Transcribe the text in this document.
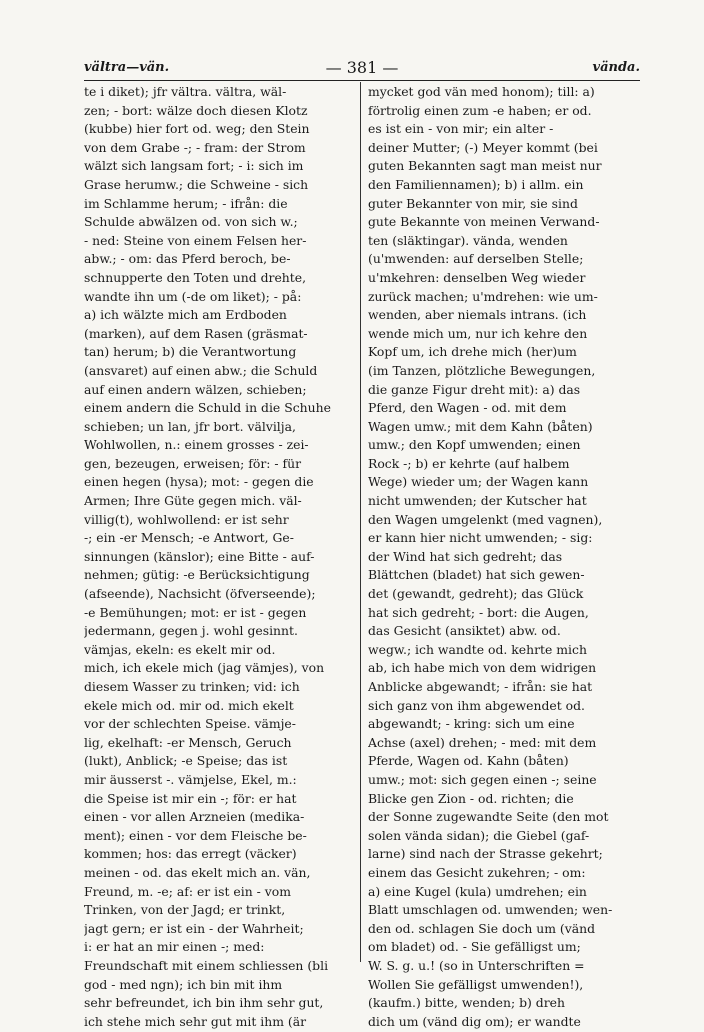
vältra—vän.	— 381 —	vända.
te i diket); jfr vältra. vältra, wäl-
zen; - bort: wälze doch diesen Klotz
(kubbe) hier fort od. weg; den Stein
von dem Grabe -; - fram: der Strom
wälzt sich langsam fort; - i: sich im
Grase herumw.; die Schweine - sich
im Schlamme herum; - ifrån: die
Schulde abwälzen od. von sich w.;
- ned: Steine von einem Felsen her-
abw.; - om: das Pferd beroch, be-
schnupperte den Toten und drehte,
wandte ihn um (-de om liket); - på:
a) ich wälzte mich am Erdboden
(marken), auf dem Rasen (gräsmat-
tan) herum; b) die Verantwortung
(ansvaret) auf einen abw.; die Schuld
auf einen andern wälzen, schieben;
einem andern die Schuld in die Schuhe
schieben; un lan, jfr bort. välvilja,
Wohlwollen, n.: einem grosses - zei-
gen, bezeugen, erweisen; för: - für
einen hegen (hysa); mot: - gegen die
Armen; Ihre Güte gegen mich. väl-
villig(t), wohlwollend: er ist sehr
-; ein -er Mensch; -e Antwort, Ge-
sinnungen (känslor); eine Bitte - auf-
nehmen; gütig: -e Berücksichtigung
(afseende), Nachsicht (öfverseende);
-e Bemühungen; mot: er ist - gegen
jedermann, gegen j. wohl gesinnt.
vämjas, ekeln: es ekelt mir od.
mich, ich ekele mich (jag vämjes), von
diesem Wasser zu trinken; vid: ich
ekele mich od. mir od. mich ekelt
vor der schlechten Speise. vämje-
lig, ekelhaft: -er Mensch, Geruch
(lukt), Anblick; -e Speise; das ist
mir äusserst -. vämjelse, Ekel, m.:
die Speise ist mir ein -; för: er hat
einen - vor allen Arzneien (medika-
ment); einen - vor dem Fleische be-
kommen; hos: das erregt (väcker)
meinen - od. das ekelt mich an. vän,
Freund, m. -e; af: er ist ein - vom
Trinken, von der Jagd; er trinkt,
jagt gern; er ist ein - der Wahrheit;
i: er hat an mir einen -; med:
Freundschaft mit einem schliessen (bli
god - med ngn); ich bin mit ihm
sehr befreundet, ich bin ihm sehr gut,
ich stehe mich sehr gut mit ihm (är
mycket god vän med honom); till: a)
förtrolig einen zum -e haben; er od.
es ist ein - von mir; ein alter -
deiner Mutter; (-) Meyer kommt (bei
guten Bekannten sagt man meist nur
den Familiennamen); b) i allm. ein
guter Bekannter von mir, sie sind
gute Bekannte von meinen Verwand-
ten (släktingar). vända, wenden
(u'mwenden: auf derselben Stelle;
u'mkehren: denselben Weg wieder
zurück machen; u'mdrehen: wie um-
wenden, aber niemals intrans. (ich
wende mich um, nur ich kehre den
Kopf um, ich drehe mich (her)um
(im Tanzen, plötzliche Bewegungen,
die ganze Figur dreht mit): a) das
Pferd, den Wagen - od. mit dem
Wagen umw.; mit dem Kahn (båten)
umw.; den Kopf umwenden; einen
Rock -; b) er kehrte (auf halbem
Wege) wieder um; der Wagen kann
nicht umwenden; der Kutscher hat
den Wagen umgelenkt (med vagnen),
er kann hier nicht umwenden; - sig:
der Wind hat sich gedreht; das
Blättchen (bladet) hat sich gewen-
det (gewandt, gedreht); das Glück
hat sich gedreht; - bort: die Augen,
das Gesicht (ansiktet) abw. od.
wegw.; ich wandte od. kehrte mich
ab, ich habe mich von dem widrigen
Anblicke abgewandt; - ifrån: sie hat
sich ganz von ihm abgewendet od.
abgewandt; - kring: sich um eine
Achse (axel) drehen; - med: mit dem
Pferde, Wagen od. Kahn (båten)
umw.; mot: sich gegen einen -; seine
Blicke gen Zion - od. richten; die
der Sonne zugewandte Seite (den mot
solen vända sidan); die Giebel (gaf-
larne) sind nach der Strasse gekehrt;
einem das Gesicht zukehren; - om:
a) eine Kugel (kula) umdrehen; ein
Blatt umschlagen od. umwenden; wen-
den od. schlagen Sie doch um (vänd
om bladet) od. - Sie gefälligst um;
W. S. g. u.! (so in Unterschriften =
Wollen Sie gefälligst umwenden!),
(kaufm.) bitte, wenden; b) dreh
dich um (vänd dig om); er wandte
